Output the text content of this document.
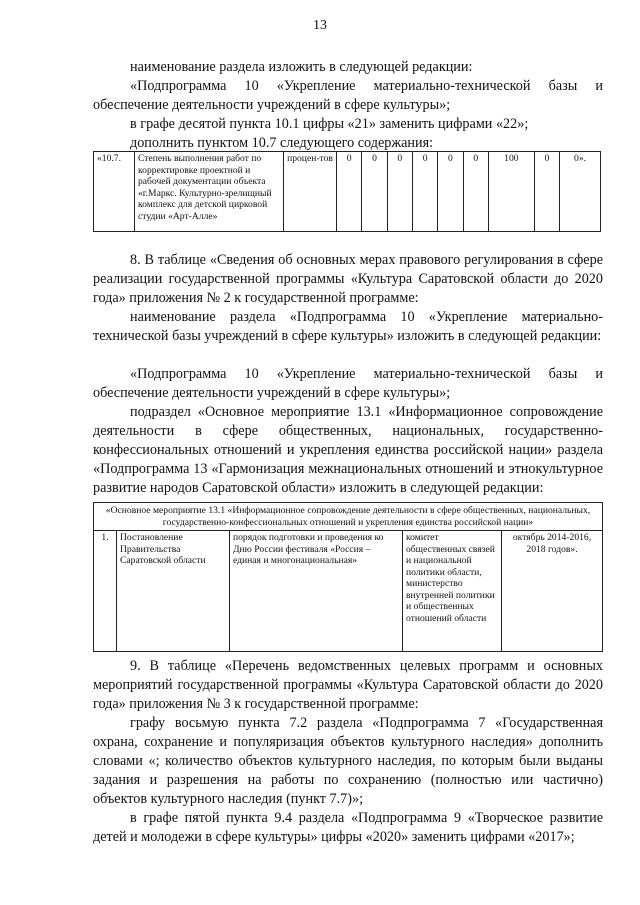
13

наименование раздела изложить в следующей редакции:

«Подпрограмма 10 «Укрепление материально-технической базы и обеспечение деятельности учреждений в сфере культуры»;

в графе десятой пункта 10.1 цифры «21» заменить цифрами «22»;

дополнить пунктом 10.7 следующего содержания:

«10.7.	Степень выполнения работ по корректировке проектной и рабочей документации объекта «г.Маркс. Культурно-зрелищный комплекс для детской цирковой студии «Арт-Алле»	процен-тов	0	0	0	0	0	0	100	0	0».

8. В таблице «Сведения об основных мерах правового регулирования в сфере реализации государственной программы «Культура Саратовской области до 2020 года» приложения № 2 к государственной программе:

наименование раздела «Подпрограмма 10 «Укрепление материально-технической базы учреждений в сфере культуры» изложить в следующей редакции:

«Подпрограмма 10 «Укрепление материально-технической базы и обеспечение деятельности учреждений в сфере культуры»;

подраздел «Основное мероприятие 13.1 «Информационное сопровождение деятельности в сфере общественных, национальных, государственно-конфессиональных отношений и укрепления единства российской нации» раздела «Подпрограмма 13 «Гармонизация межнациональных отношений и этнокультурное развитие народов Саратовской области» изложить в следующей редакции:

«Основное мероприятие 13.1 «Информационное сопровождение деятельности в сфере общественных, национальных, государственно-конфессиональных отношений и укрепления единства российской нации»
1.	Постановление Правительства Саратовской области	порядок подготовки и проведения ко Дню России фестиваля «Россия – единая и многонациональная»	комитет общественных связей и национальной политики области, министерство внутренней политики и общественных отношений области	октябрь 2014-2016, 2018 годов».

9. В таблице «Перечень ведомственных целевых программ и основных мероприятий государственной программы «Культура Саратовской области до 2020 года» приложения № 3 к государственной программе:

графу восьмую пункта 7.2 раздела «Подпрограмма 7 «Государственная охрана, сохранение и популяризация объектов культурного наследия» дополнить словами «; количество объектов культурного наследия, по которым были выданы задания и разрешения на работы по сохранению (полностью или частично) объектов культурного наследия (пункт 7.7)»;

в графе пятой пункта 9.4 раздела «Подпрограмма 9 «Творческое развитие детей и молодежи в сфере культуры» цифры «2020» заменить цифрами «2017»;
